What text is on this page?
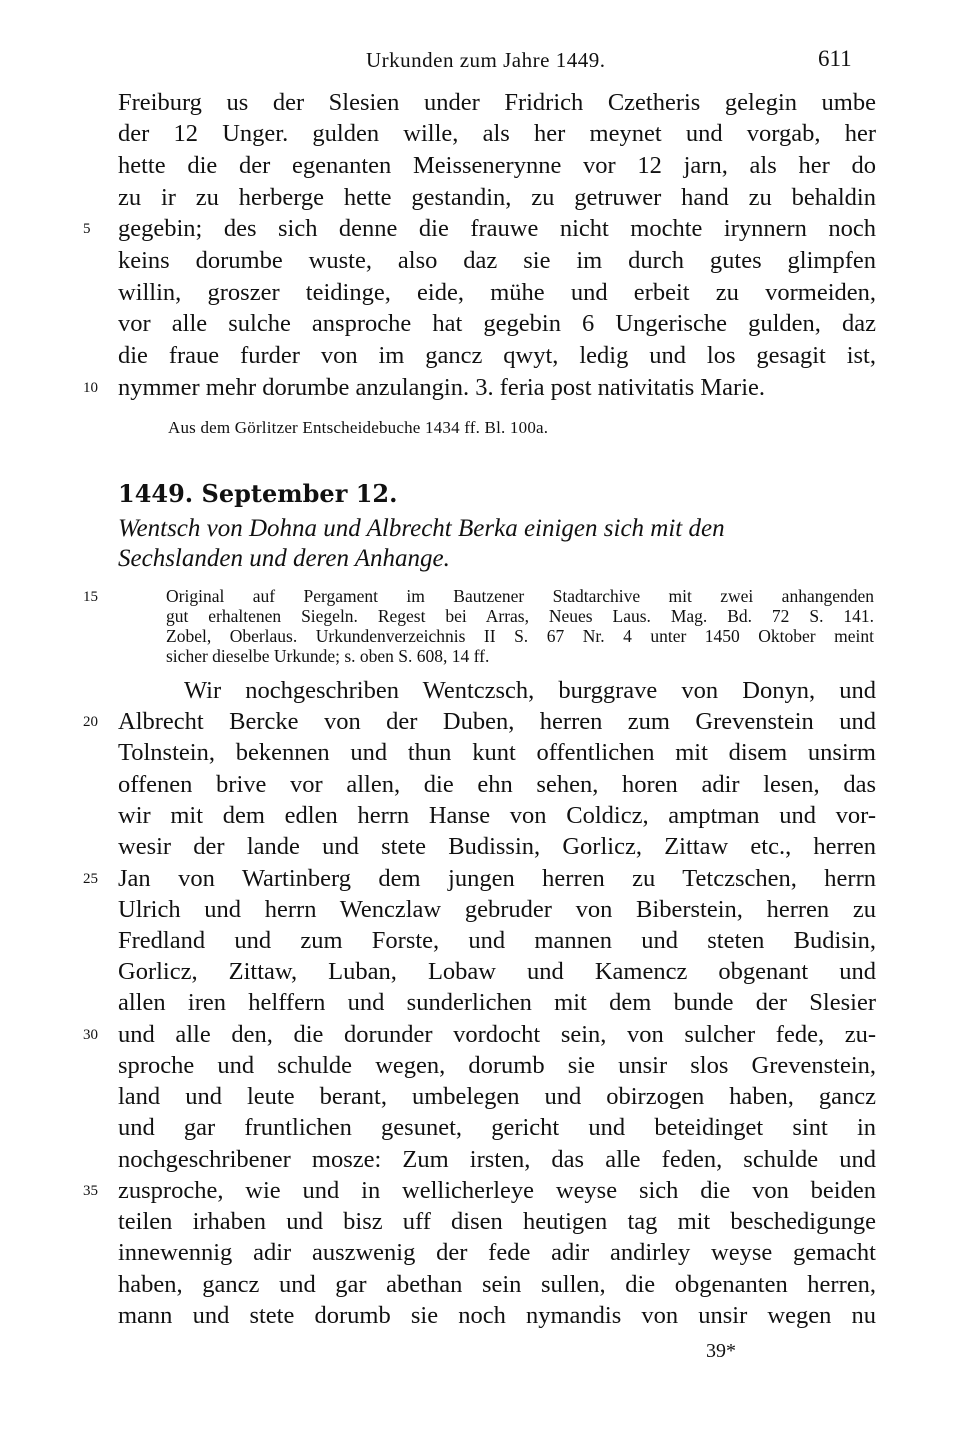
Urkunden zum Jahre 1449.	611
Freiburg us der Slesien under Fridrich Czetheris gelegin umbe
der 12 Unger. gulden wille, als her meynet und vorgab, her
hette die der egenanten Meissenerynne vor 12 jarn, als her do
zu ir zu herberge hette gestandin, zu getruwer hand zu behaldin
gegebin; des sich denne die frauwe nicht mochte irynnern noch
keins dorumbe wuste, also daz sie im durch gutes glimpfen
willin, groszer teidinge, eide, mühe und erbeit zu vormeiden,
vor alle sulche ansproche hat gegebin 6 Ungerische gulden, daz
die fraue furder von im gancz qwyt, ledig und los gesagit ist,
nymmer mehr dorumbe anzulangin. 3. feria post nativitatis Marie.
Aus dem Görlitzer Entscheidebuche 1434 ff. Bl. 100a.
1449. September 12.
Wentsch von Dohna und Albrecht Berka einigen sich mit den
Sechslanden und deren Anhange.
Original auf Pergament im Bautzener Stadtarchive mit zwei anhangenden
gut erhaltenen Siegeln. Regest bei Arras, Neues Laus. Mag. Bd. 72 S. 141.
Zobel, Oberlaus. Urkundenverzeichnis II S. 67 Nr. 4 unter 1450 Oktober meint
sicher dieselbe Urkunde; s. oben S. 608, 14 ff.
Wir nochgeschriben Wentczsch, burggrave von Donyn, und
Albrecht Bercke von der Duben, herren zum Grevenstein und
Tolnstein, bekennen und thun kunt offentlichen mit disem unsirm
offenen brive vor allen, die ehn sehen, horen adir lesen, das
wir mit dem edlen herrn Hanse von Coldicz, amptman und vor-
wesir der lande und stete Budissin, Gorlicz, Zittaw etc., herren
Jan von Wartinberg dem jungen herren zu Tetczschen, herrn
Ulrich und herrn Wenczlaw gebruder von Biberstein, herren zu
Fredland und zum Forste, und mannen und steten Budisin,
Gorlicz, Zittaw, Luban, Lobaw und Kamencz obgenant und
allen iren helffern und sunderlichen mit dem bunde der Slesier
und alle den, die dorunder vordocht sein, von sulcher fede, zu-
sproche und schulde wegen, dorumb sie unsir slos Grevenstein,
land und leute berant, umbelegen und obirzogen haben, gancz
und gar fruntlichen gesunet, gericht und beteidinget sint in
nochgeschribener mosze: Zum irsten, das alle feden, schulde und
zusproche, wie und in wellicherleye weyse sich die von beiden
teilen irhaben und bisz uff disen heutigen tag mit beschedigunge
innewennig adir auszwenig der fede adir andirley weyse gemacht
haben, gancz und gar abethan sein sullen, die obgenanten herren,
mann und stete dorumb sie noch nymandis von unsir wegen nu
5
10
15
20
25
30
35
39*
